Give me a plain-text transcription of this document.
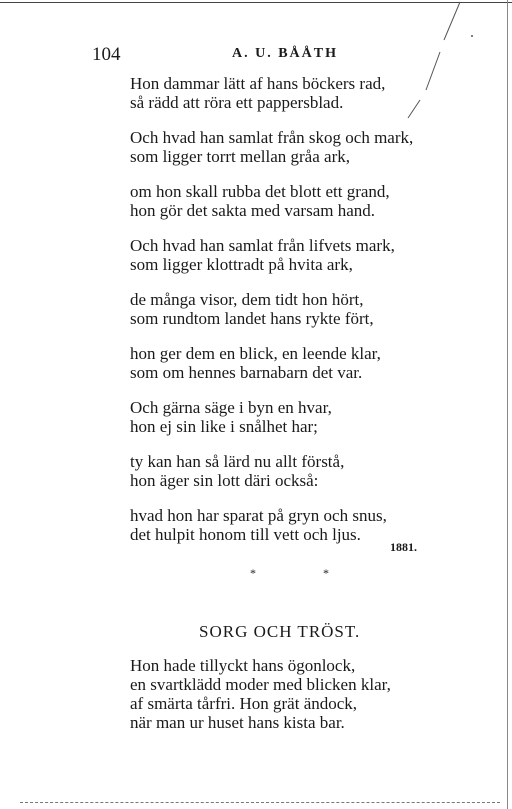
104	A. U. BÅÅTH
Hon dammar lätt af hans böckers rad,
så rädd att röra ett pappersblad.
Och hvad han samlat från skog och mark,
som ligger torrt mellan gråa ark,
om hon skall rubba det blott ett grand,
hon gör det sakta med varsam hand.
Och hvad han samlat från lifvets mark,
som ligger klottradt på hvita ark,
de många visor, dem tidt hon hört,
som rundtom landet hans rykte fört,
hon ger dem en blick, en leende klar,
som om hennes barnabarn det var.
Och gärna säge i byn en hvar,
hon ej sin like i snålhet har;
ty kan han så lärd nu allt förstå,
hon äger sin lott däri också:
hvad hon har sparat på gryn och snus,
det hulpit honom till vett och ljus.
1881.
* *
SORG OCH TRÖST.
Hon hade tillyckt hans ögonlock,
en svartklädd moder med blicken klar,
af smärta tårfri. Hon grät ändock,
när man ur huset hans kista bar.
